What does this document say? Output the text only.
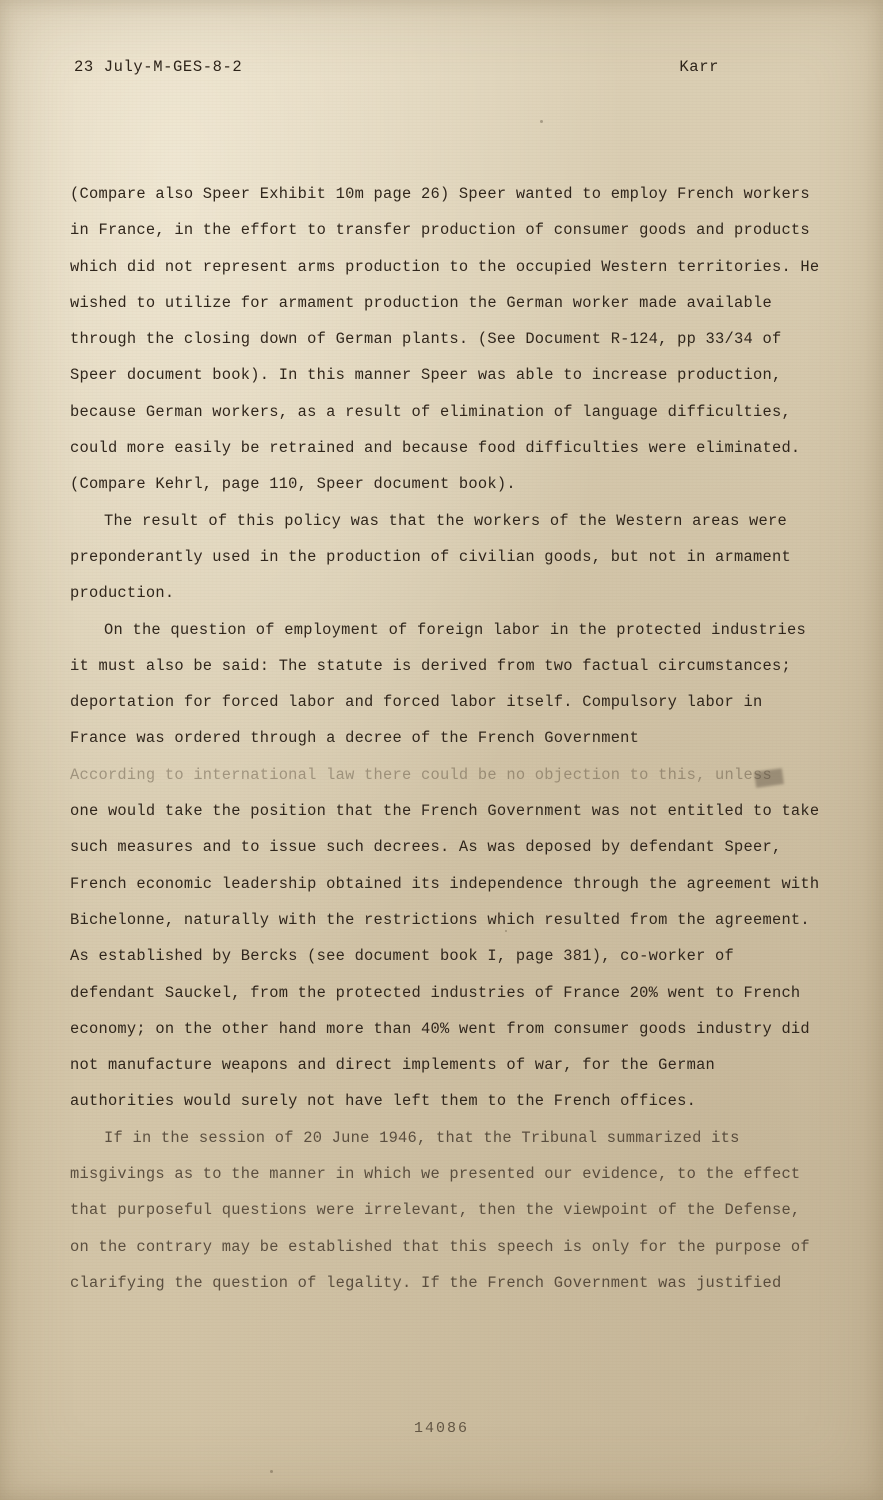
23 July-M-GES-8-2	Karr

(Compare also Speer Exhibit 10m page 26) Speer wanted to employ French workers in France, in the effort to transfer production of consumer goods and products which did not represent arms production to the occupied Western territories. He wished to utilize for armament production the German worker made available through the closing down of German plants. (See Document R-124, pp 33/34 of Speer document book). In this manner Speer was able to increase production, because German workers, as a result of elimination of language difficulties, could more easily be retrained and because food difficulties were eliminated. (Compare Kehrl, page 110, Speer document book).

The result of this policy was that the workers of the Western areas were preponderantly used in the production of civilian goods, but not in armament production.

On the question of employment of foreign labor in the protected industries it must also be said: The statute is derived from two factual circumstances; deportation for forced labor and forced labor itself. Compulsory labor in France was ordered through a decree of the French Government

According to international law there could be no objection to this, unless

one would take the position that the French Government was not entitled to take such measures and to issue such decrees. As was deposed by defendant Speer, French economic leadership obtained its independence through the agreement with Bichelonne, naturally with the restrictions which resulted from the agreement. As established by Bercks (see document book I, page 381), co-worker of defendant Sauckel, from the protected industries of France 20% went to French economy; on the other hand more than 40% went from consumer goods industry did not manufacture weapons and direct implements of war, for the German authorities would surely not have left them to the French offices.

If in the session of 20 June 1946, that the Tribunal summarized its misgivings as to the manner in which we presented our evidence, to the effect that purposeful questions were irrelevant, then the viewpoint of the Defense, on the contrary may be established that this speech is only for the purpose of clarifying the question of legality. If the French Government was justified

14086
